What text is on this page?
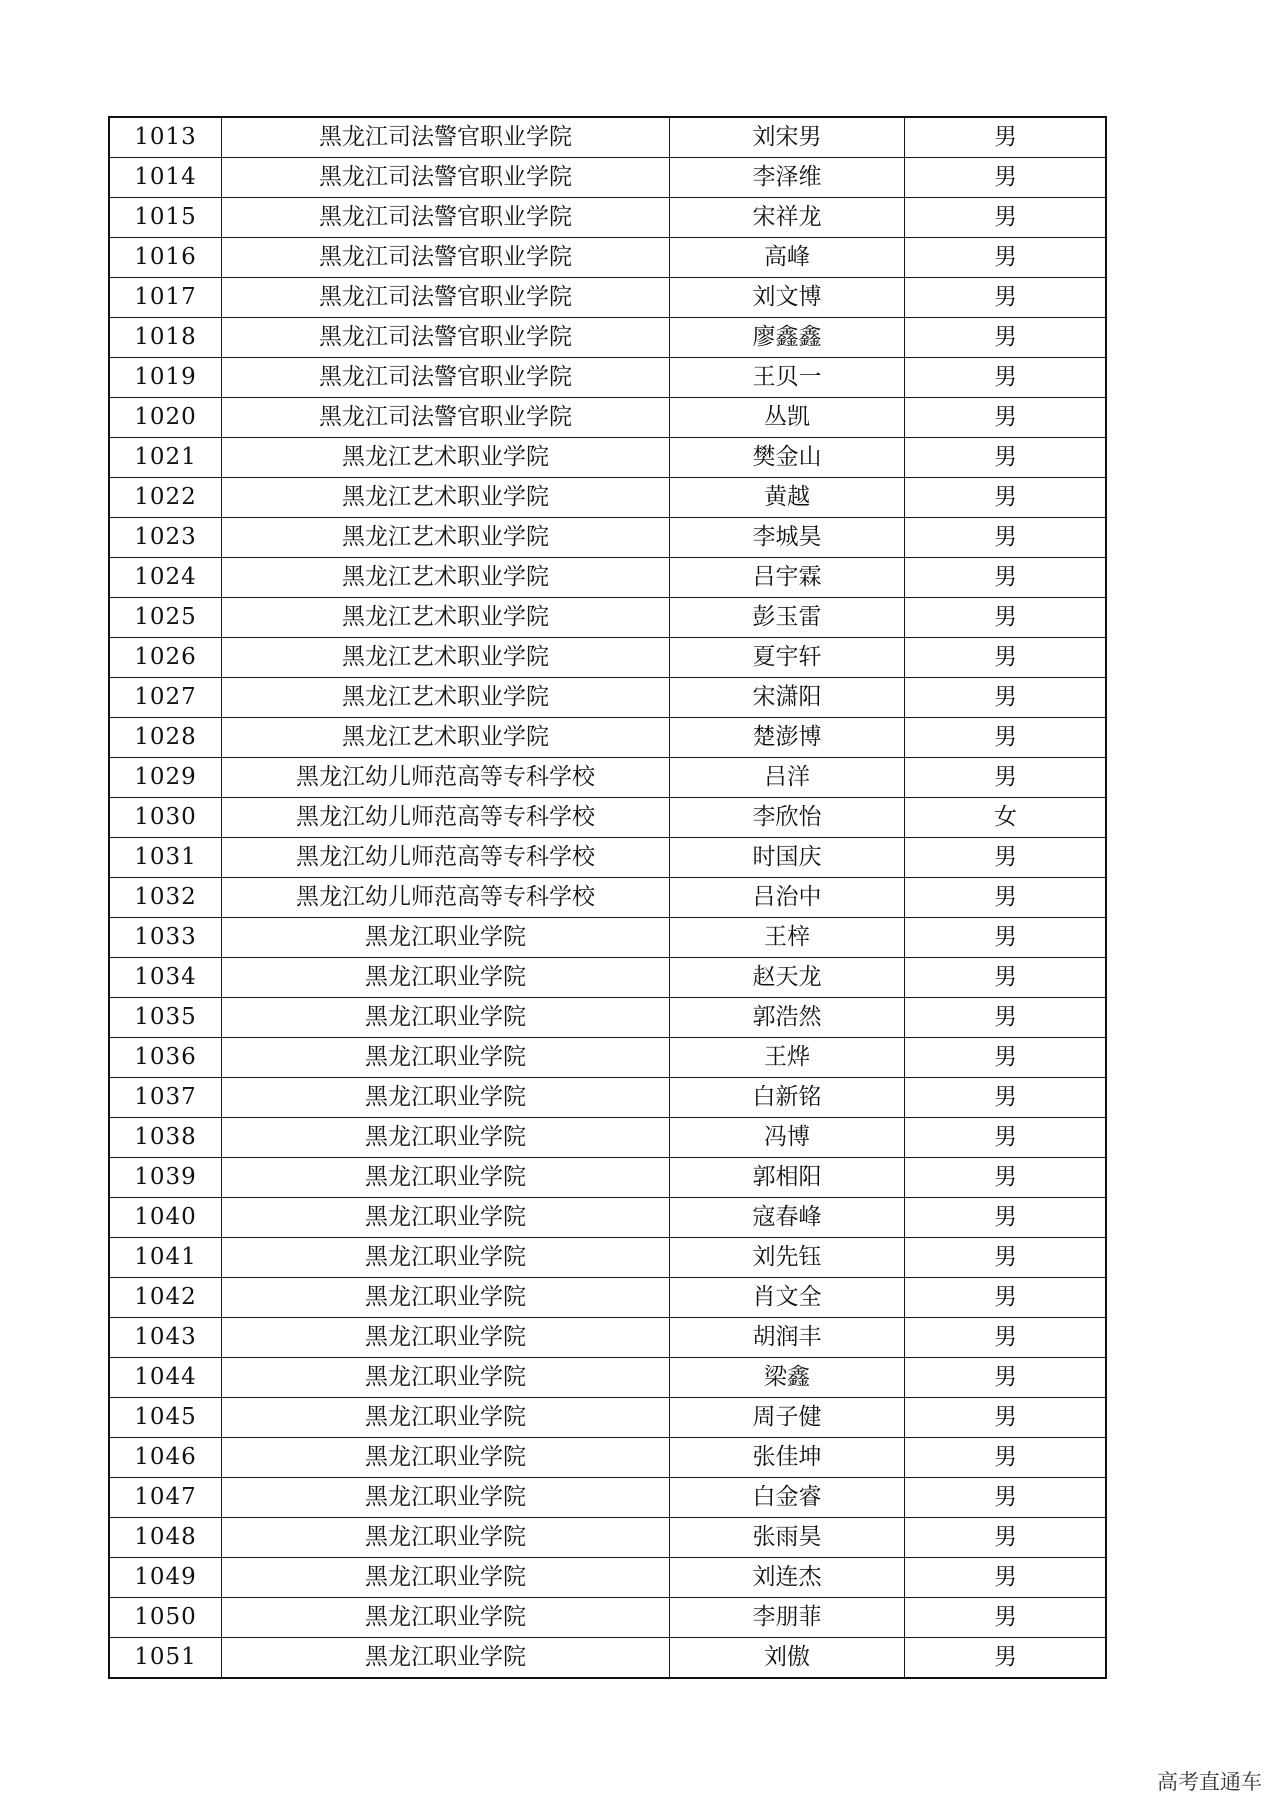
1013	黑龙江司法警官职业学院	刘宋男	男
1014	黑龙江司法警官职业学院	李泽维	男
1015	黑龙江司法警官职业学院	宋祥龙	男
1016	黑龙江司法警官职业学院	高峰	男
1017	黑龙江司法警官职业学院	刘文博	男
1018	黑龙江司法警官职业学院	廖鑫鑫	男
1019	黑龙江司法警官职业学院	王贝一	男
1020	黑龙江司法警官职业学院	丛凯	男
1021	黑龙江艺术职业学院	樊金山	男
1022	黑龙江艺术职业学院	黄越	男
1023	黑龙江艺术职业学院	李城昊	男
1024	黑龙江艺术职业学院	吕宇霖	男
1025	黑龙江艺术职业学院	彭玉雷	男
1026	黑龙江艺术职业学院	夏宇轩	男
1027	黑龙江艺术职业学院	宋潇阳	男
1028	黑龙江艺术职业学院	楚澎博	男
1029	黑龙江幼儿师范高等专科学校	吕洋	男
1030	黑龙江幼儿师范高等专科学校	李欣怡	女
1031	黑龙江幼儿师范高等专科学校	时国庆	男
1032	黑龙江幼儿师范高等专科学校	吕治中	男
1033	黑龙江职业学院	王梓	男
1034	黑龙江职业学院	赵天龙	男
1035	黑龙江职业学院	郭浩然	男
1036	黑龙江职业学院	王烨	男
1037	黑龙江职业学院	白新铭	男
1038	黑龙江职业学院	冯博	男
1039	黑龙江职业学院	郭相阳	男
1040	黑龙江职业学院	寇春峰	男
1041	黑龙江职业学院	刘先钰	男
1042	黑龙江职业学院	肖文全	男
1043	黑龙江职业学院	胡润丰	男
1044	黑龙江职业学院	梁鑫	男
1045	黑龙江职业学院	周子健	男
1046	黑龙江职业学院	张佳坤	男
1047	黑龙江职业学院	白金睿	男
1048	黑龙江职业学院	张雨昊	男
1049	黑龙江职业学院	刘连杰	男
1050	黑龙江职业学院	李朋菲	男
1051	黑龙江职业学院	刘傲	男
高考直通车
